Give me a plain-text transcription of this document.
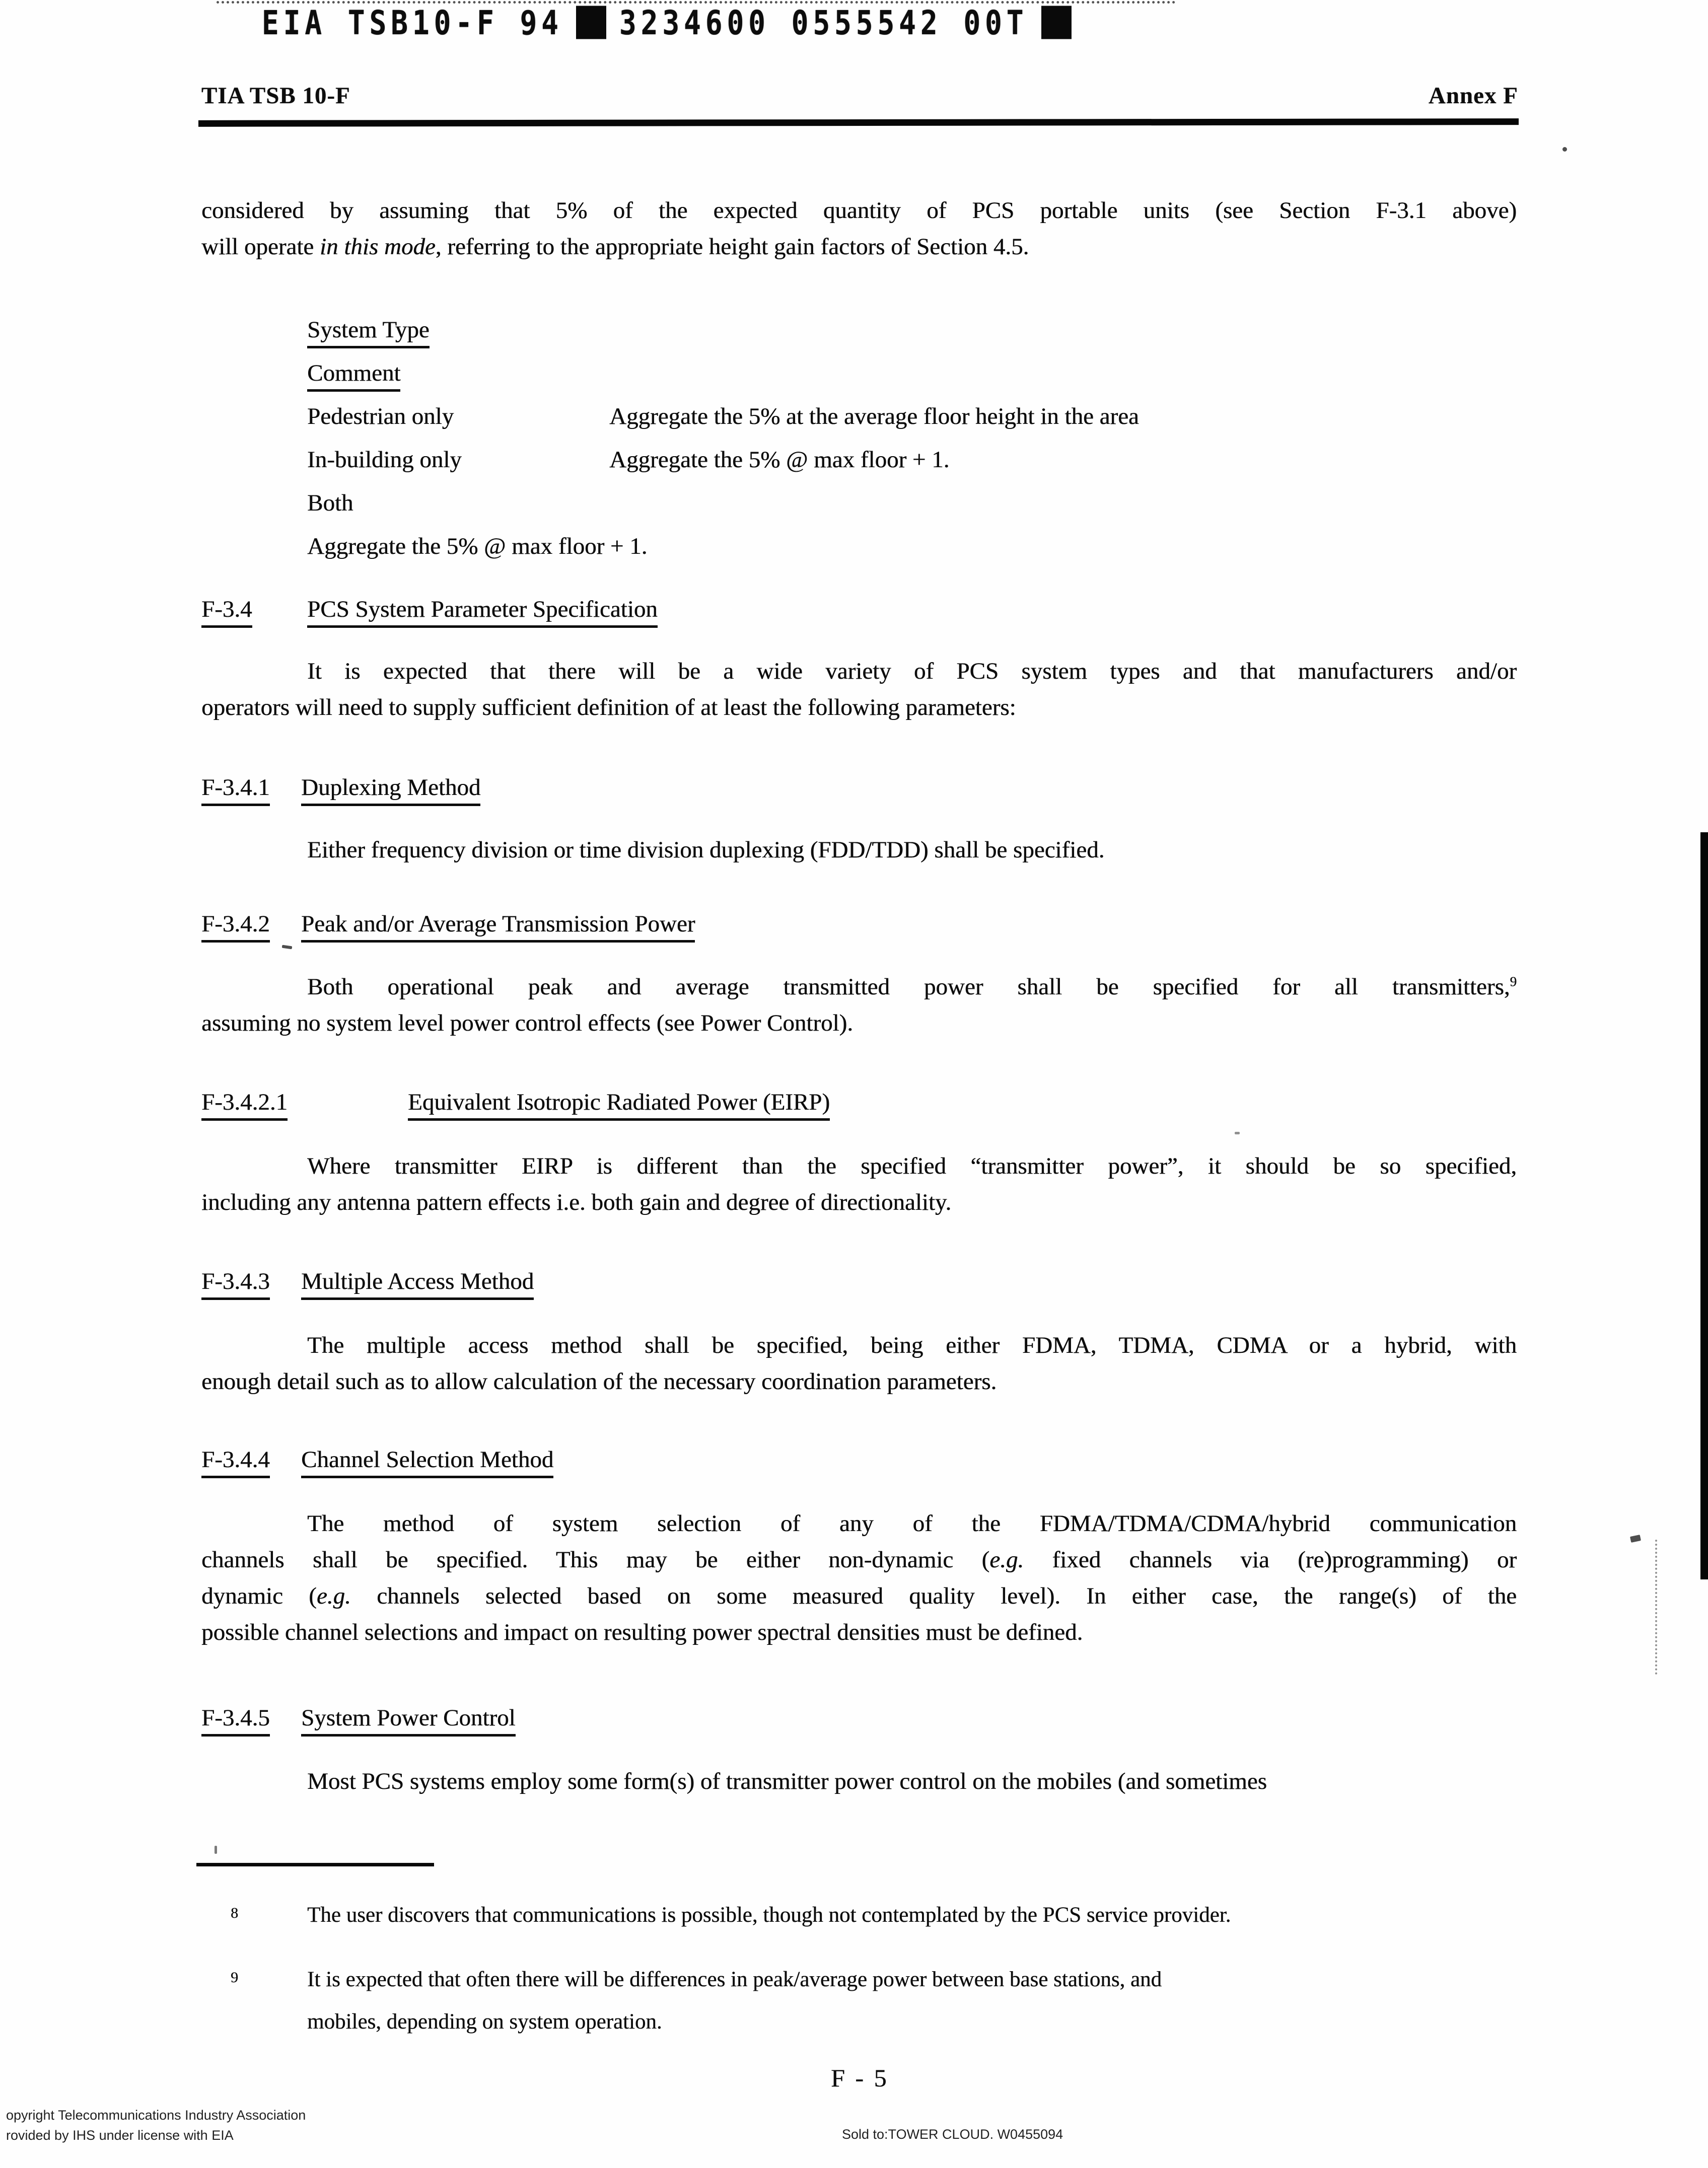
EIA TSB10-F 94 3234600 0555542 00T
TIA TSB 10-F	Annex F
considered by assuming that 5% of the expected quantity of PCS portable units (see Section F-3.1 above)
will operate in this mode, referring to the appropriate height gain factors of Section 4.5.
System Type
Comment
Pedestrian only	Aggregate the 5% at the average floor height in the area
In-building only	Aggregate the 5% @ max floor + 1.
Both
Aggregate the 5% @ max floor + 1.
F-3.4 PCS System Parameter Specification
It is expected that there will be a wide variety of PCS system types and that manufacturers and/or
operators will need to supply sufficient definition of at least the following parameters:
F-3.4.1 Duplexing Method
Either frequency division or time division duplexing (FDD/TDD) shall be specified.
F-3.4.2 Peak and/or Average Transmission Power
Both operational peak and average transmitted power shall be specified for all transmitters,$^9$
assuming no system level power control effects (see Power Control).
F-3.4.2.1	Equivalent Isotropic Radiated Power (EIRP)
Where transmitter EIRP is different than the specified “transmitter power”, it should be so specified,
including any antenna pattern effects i.e. both gain and degree of directionality.
F-3.4.3 Multiple Access Method
The multiple access method shall be specified, being either FDMA, TDMA, CDMA or a hybrid, with
enough detail such as to allow calculation of the necessary coordination parameters.
F-3.4.4 Channel Selection Method
The method of system selection of any of the FDMA/TDMA/CDMA/hybrid communication
channels shall be specified. This may be either non-dynamic (e.g. fixed channels via (re)programming) or
dynamic (e.g. channels selected based on some measured quality level). In either case, the range(s) of the
possible channel selections and impact on resulting power spectral densities must be defined.
F-3.4.5 System Power Control
Most PCS systems employ some form(s) of transmitter power control on the mobiles (and sometimes
8	The user discovers that communications is possible, though not contemplated by the PCS service provider.
9	It is expected that often there will be differences in peak/average power between base stations, and
mobiles, depending on system operation.
F - 5
opyright Telecommunications Industry Association
rovided by IHS under license with EIA	Sold to:TOWER CLOUD. W0455094
